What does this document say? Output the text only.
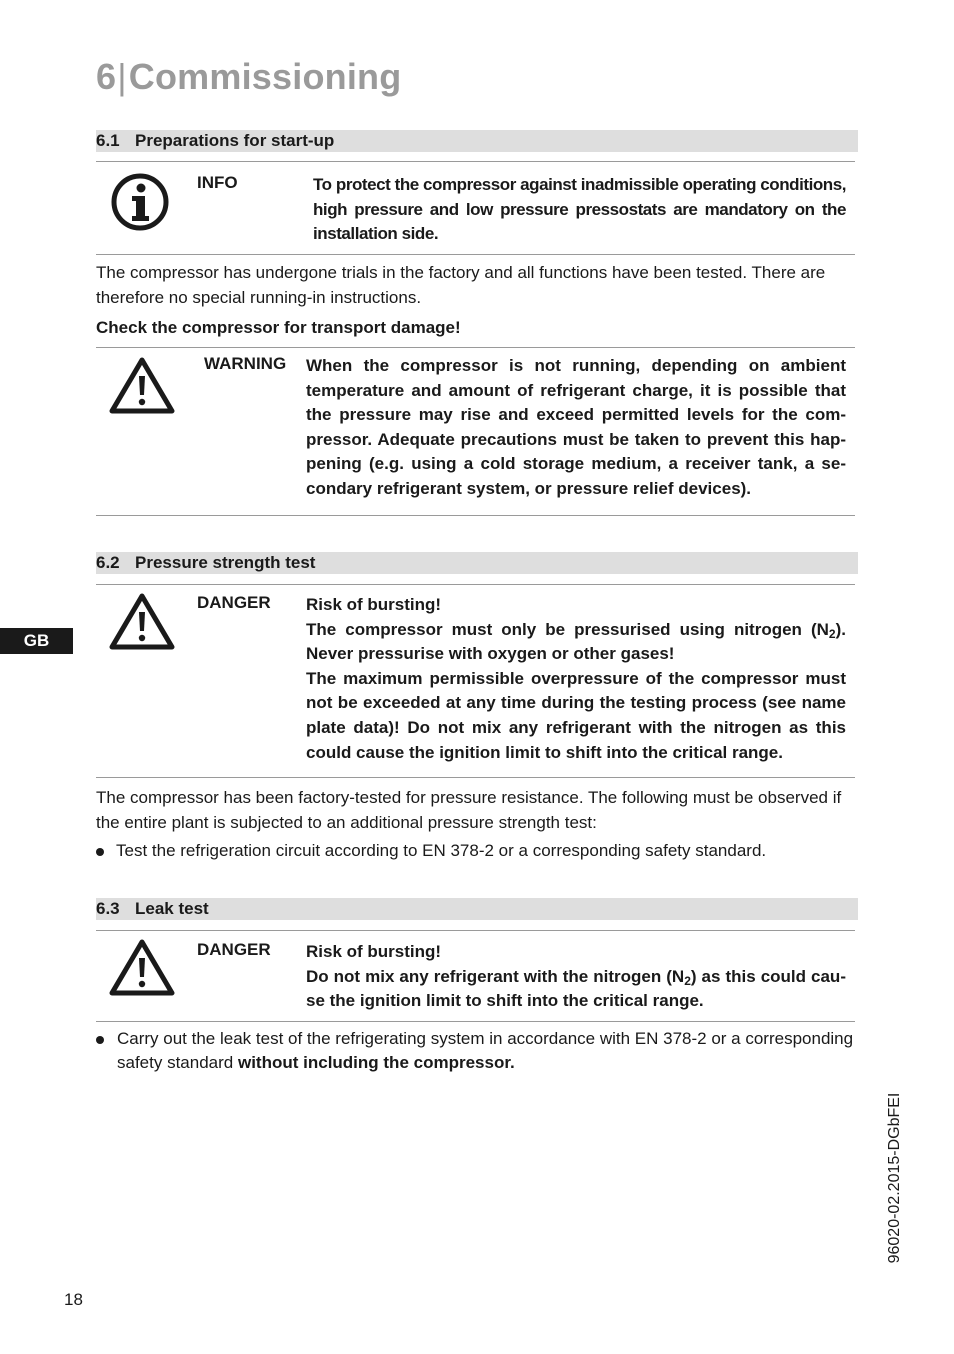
6|Commissioning
6.1 Preparations for start-up
INFO	To protect the compressor against inadmissible operating conditions, high pressure and low pressure pressostats are mandatory on the installation side.
The compressor has undergone trials in the factory and all functions have been tested. There are therefore no special running-in instructions.
Check the compressor for transport damage!
WARNING When the compressor is not running, depending on ambient temperature and amount of refrigerant charge, it is possible that the pressure may rise and exceed permitted levels for the com-pressor. Adequate precautions must be taken to prevent this hap-pening (e.g. using a cold storage medium, a receiver tank, a se-condary refrigerant system, or pressure relief devices).
6.2 Pressure strength test
GB
DANGER Risk of bursting!

The compressor must only be pressurised using nitrogen $(N_2)$. Never pressurise with oxygen or other gases!

The maximum permissible overpressure of the compressor must not be exceeded at any time during the testing process (see name plate data)! Do not mix any refrigerant with the nitrogen as this could cause the ignition limit to shift into the critical range.

The compressor has been factory-tested for pressure resistance. The following must be observed if the entire plant is subjected to an additional pressure strength test:
Test the refrigeration circuit according to EN 378-2 or a corresponding safety standard.
6.3 Leak test
DANGER Risk of bursting!

Do not mix any refrigerant with the nitrogen $(N_2)$ as this could cau-se the ignition limit to shift into the critical range.

Carry out the leak test of the refrigerating system in accordance with EN 378-2 or a corresponding safety standard without including the compressor.
96020-02.2015-DGbFEI
18
